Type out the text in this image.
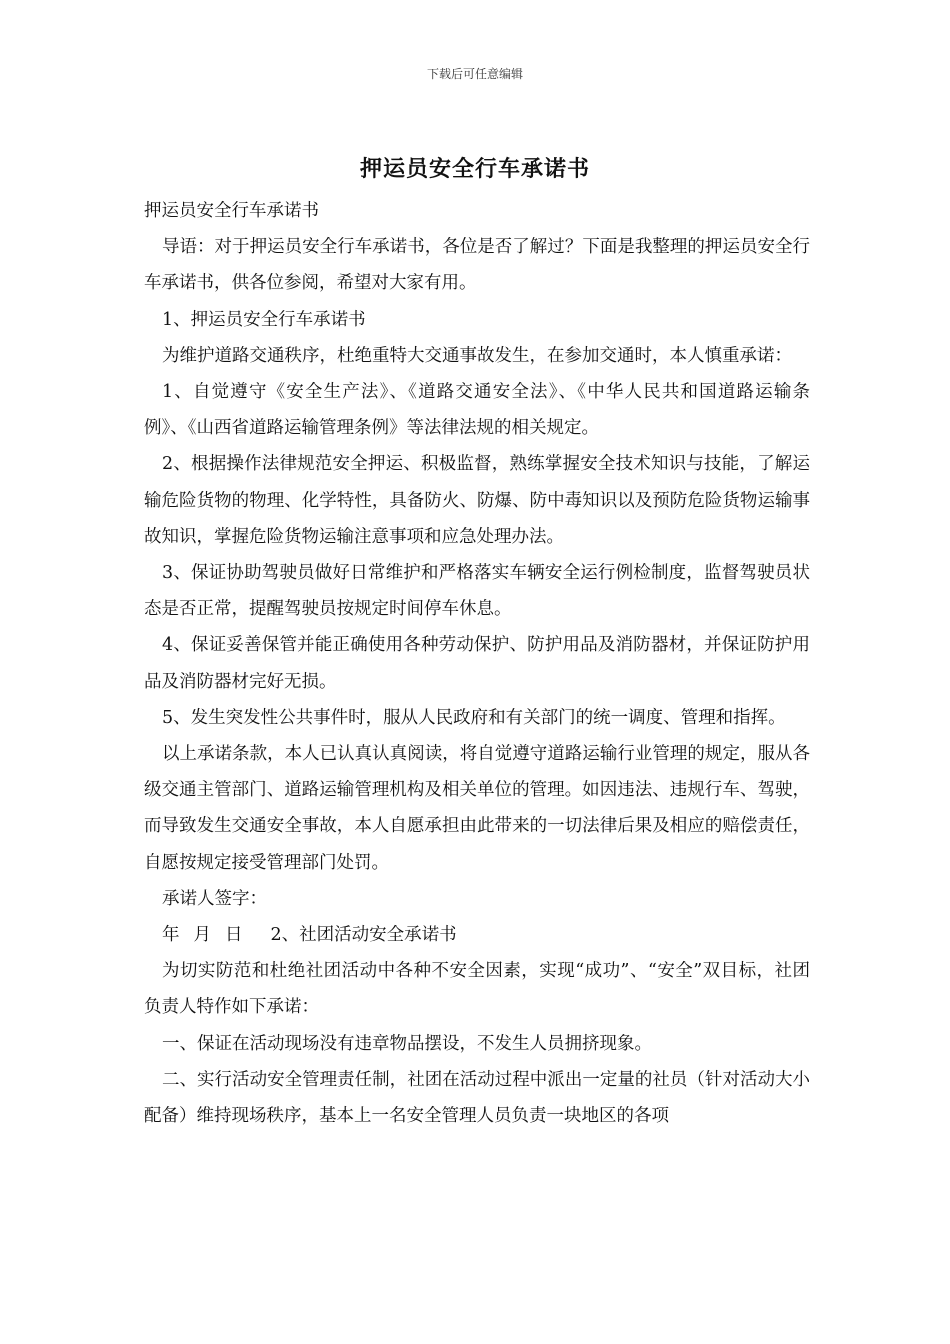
下载后可任意编辑
押运员安全行车承诺书

押运员安全行车承诺书

导语：对于押运员安全行车承诺书，各位是否了解过？下面是我整理的押运员安全行车承诺书，供各位参阅，希望对大家有用。

1、押运员安全行车承诺书

为维护道路交通秩序，杜绝重特大交通事故发生，在参加交通时，本人慎重承诺：

1、自觉遵守《安全生产法》、《道路交通安全法》、《中华人民共和国道路运输条例》、《山西省道路运输管理条例》等法律法规的相关规定。

2、根据操作法律规范安全押运、积极监督，熟练掌握安全技术知识与技能，了解运输危险货物的物理、化学特性，具备防火、防爆、防中毒知识以及预防危险货物运输事故知识，掌握危险货物运输注意事项和应急处理办法。

3、保证协助驾驶员做好日常维护和严格落实车辆安全运行例检制度，监督驾驶员状态是否正常，提醒驾驶员按规定时间停车休息。

4、保证妥善保管并能正确使用各种劳动保护、防护用品及消防器材，并保证防护用品及消防器材完好无损。

5、发生突发性公共事件时，服从人民政府和有关部门的统一调度、管理和指挥。

以上承诺条款，本人已认真认真阅读，将自觉遵守道路运输行业管理的规定，服从各级交通主管部门、道路运输管理机构及相关单位的管理。如因违法、违规行车、驾驶，而导致发生交通安全事故，本人自愿承担由此带来的一切法律后果及相应的赔偿责任，自愿按规定接受管理部门处罚。

承诺人签字：

年 月 日 2、社团活动安全承诺书

为切实防范和杜绝社团活动中各种不安全因素，实现“成功”、“安全”双目标，社团负责人特作如下承诺：

一、保证在活动现场没有违章物品摆设，不发生人员拥挤现象。

二、实行活动安全管理责任制，社团在活动过程中派出一定量的社员（针对活动大小配备）维持现场秩序，基本上一名安全管理人员负责一块地区的各项
